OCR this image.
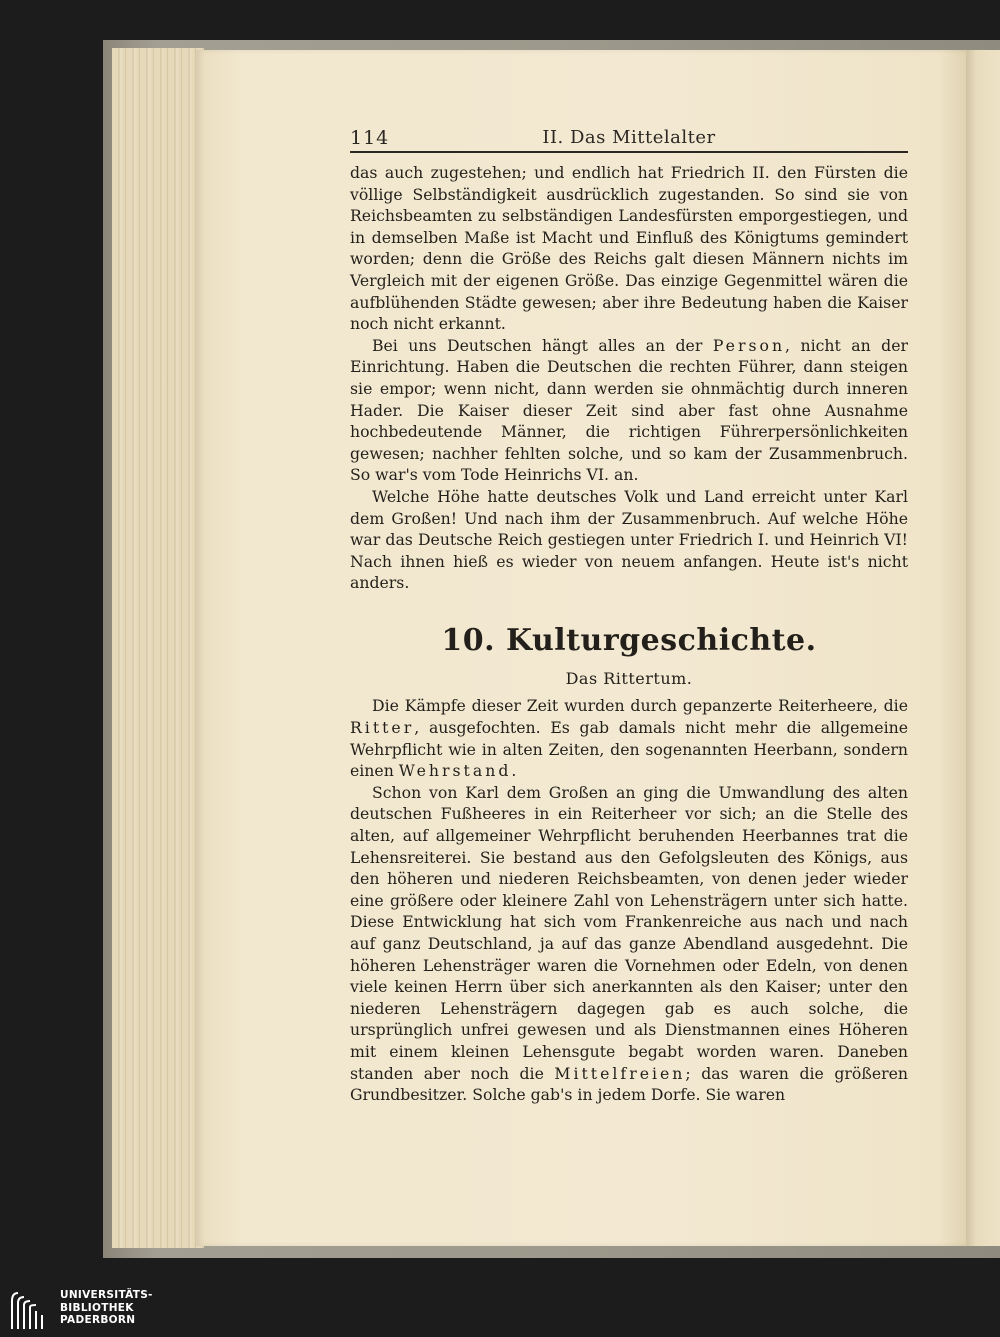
114	II. Das Mittelalter

das auch zugestehen; und endlich hat Friedrich II. den Fürsten die völlige Selbständigkeit ausdrücklich zugestanden. So sind sie von Reichsbeamten zu selbständigen Landesfürsten emporgestiegen, und in demselben Maße ist Macht und Einfluß des Königtums gemindert worden; denn die Größe des Reichs galt diesen Männern nichts im Vergleich mit der eigenen Größe. Das einzige Gegenmittel wären die aufblühenden Städte gewesen; aber ihre Bedeutung haben die Kaiser noch nicht erkannt.

Bei uns Deutschen hängt alles an der Person, nicht an der Einrichtung. Haben die Deutschen die rechten Führer, dann steigen sie empor; wenn nicht, dann werden sie ohnmächtig durch inneren Hader. Die Kaiser dieser Zeit sind aber fast ohne Ausnahme hochbedeutende Männer, die richtigen Führerpersönlichkeiten gewesen; nachher fehlten solche, und so kam der Zusammenbruch. So war's vom Tode Heinrichs VI. an.

Welche Höhe hatte deutsches Volk und Land erreicht unter Karl dem Großen! Und nach ihm der Zusammenbruch. Auf welche Höhe war das Deutsche Reich gestiegen unter Friedrich I. und Heinrich VI! Nach ihnen hieß es wieder von neuem anfangen. Heute ist's nicht anders.

10. Kulturgeschichte.
Das Rittertum.

Die Kämpfe dieser Zeit wurden durch gepanzerte Reiterheere, die Ritter, ausgefochten. Es gab damals nicht mehr die allgemeine Wehrpflicht wie in alten Zeiten, den sogenannten Heerbann, sondern einen Wehrstand.

Schon von Karl dem Großen an ging die Umwandlung des alten deutschen Fußheeres in ein Reiterheer vor sich; an die Stelle des alten, auf allgemeiner Wehrpflicht beruhenden Heerbannes trat die Lehensreiterei. Sie bestand aus den Gefolgsleuten des Königs, aus den höheren und niederen Reichsbeamten, von denen jeder wieder eine größere oder kleinere Zahl von Lehensträgern unter sich hatte. Diese Entwicklung hat sich vom Frankenreiche aus nach und nach auf ganz Deutschland, ja auf das ganze Abendland ausgedehnt. Die höheren Lehensträger waren die Vornehmen oder Edeln, von denen viele keinen Herrn über sich anerkannten als den Kaiser; unter den niederen Lehensträgern dagegen gab es auch solche, die ursprünglich unfrei gewesen und als Dienstmannen eines Höheren mit einem kleinen Lehensgute begabt worden waren. Daneben standen aber noch die Mittelfreien; das waren die größeren Grundbesitzer. Solche gab's in jedem Dorfe. Sie waren

UNIVERSITÄTS-
BIBLIOTHEK
PADERBORN
